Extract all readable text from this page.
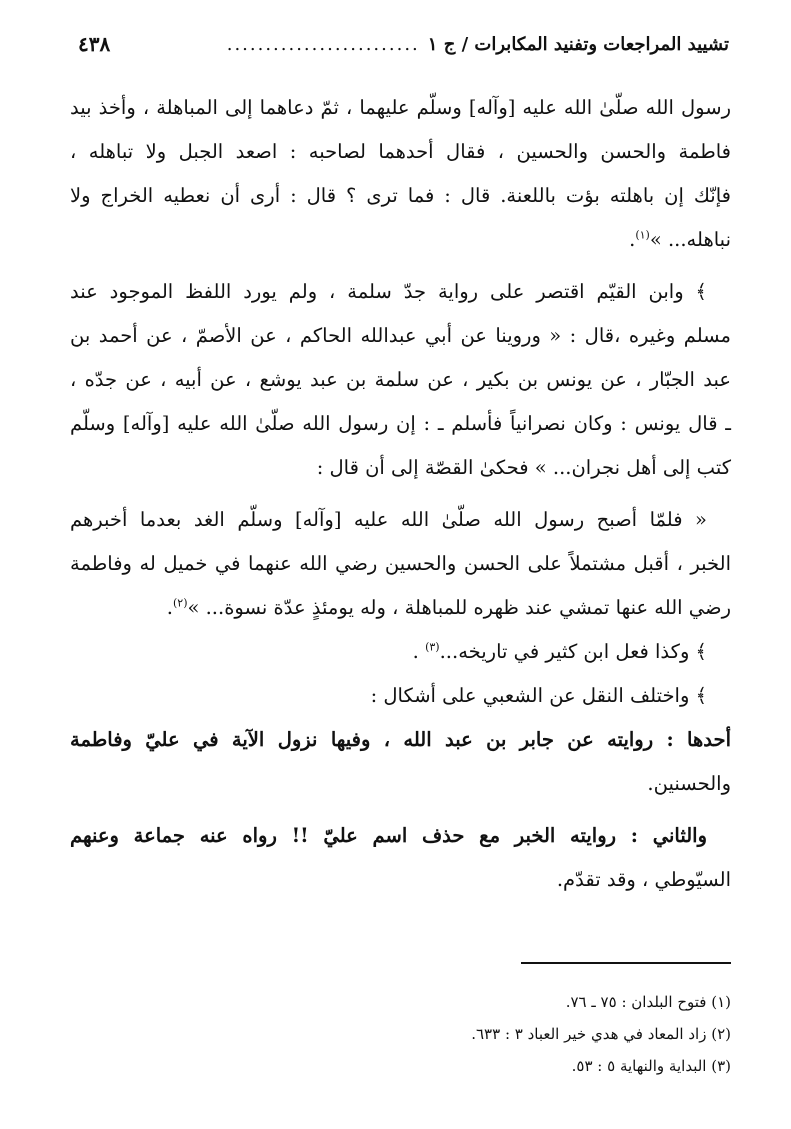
تشييد المراجعات وتفنيد المكابرات / ج ١
.........................
٤٣٨
رسول الله صلّىٰ الله عليه [وآله] وسلّم عليهما ، ثمّ دعاهما إلى المباهلة ، وأخذ بيد
فاطمة والحسن والحسين ، فقال أحدهما لصاحبه : اصعد الجبل ولا تباهله ،
فإنّك إن باهلته بؤت باللعنة. قال : فما ترى ؟ قال : أرى أن نعطيه الخراج ولا
نباهله... »$^{(١)}$.
﴾ وابن القيّم اقتصر على رواية جدّ سلمة ، ولم يورد اللفظ الموجود عند
مسلم وغيره ،قال : « وروينا عن أبي عبدالله الحاكم ، عن الأصمّ ، عن أحمد بن
عبد الجبّار ، عن يونس بن بكير ، عن سلمة بن عبد يوشع ، عن أبيه ، عن جدّه ،
ـ قال يونس : وكان نصرانياً فأسلم ـ : إن رسول الله صلّىٰ الله عليه [وآله] وسلّم
كتب إلى أهل نجران... » فحكىٰ القصّة إلى أن قال :
« فلمّا أصبح رسول الله صلّىٰ الله عليه [وآله] وسلّم الغد بعدما أخبرهم
الخبر ، أقبل مشتملاً على الحسن والحسين رضي الله عنهما في خميل له وفاطمة
رضي الله عنها تمشي عند ظهره للمباهلة ، وله يومئذٍ عدّة نسوة... »$^{(٢)}$.
﴾ وكذا فعل ابن كثير في تاريخه...$^{(٣)}$ .
﴾ واختلف النقل عن الشعبي على أشكال :
أحدها : روايته عن جابر بن عبد الله ، وفيها نزول الآية في عليّ وفاطمة
والحسنين.
والثاني : روايته الخبر مع حذف اسم عليّ !! رواه عنه جماعة وعنهم
السيّوطي ، وقد تقدّم.
(١) فتوح البلدان : ٧٥ ـ ٧٦.
(٢) زاد المعاد في هدي خير العباد ٣ : ٦٣٣.
(٣) البداية والنهاية ٥ : ٥٣.
